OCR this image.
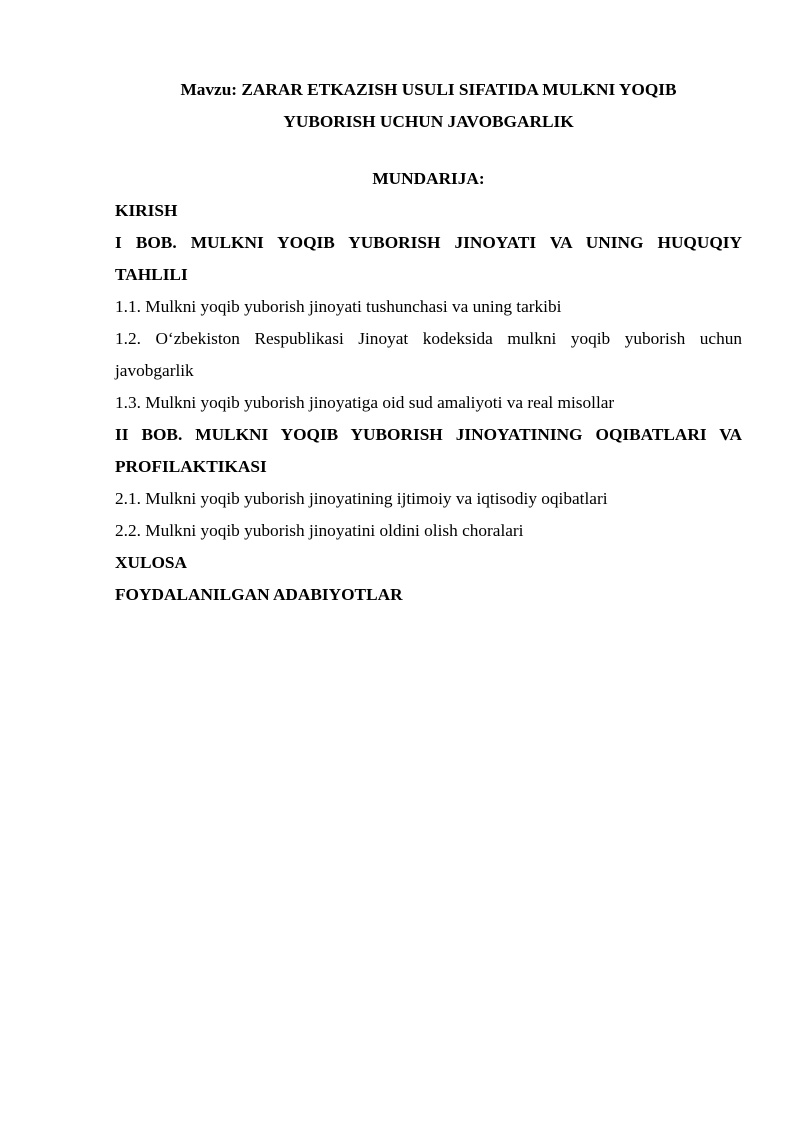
Mavzu: ZARAR ETKAZISH USULI SIFATIDA MULKNI YOQIB

YUBORISH UCHUN JAVOBGARLIK

MUNDARIJA:

KIRISH

I BOB. MULKNI YOQIB YUBORISH JINOYATI VA UNING HUQUQIY

TAHLILI

1.1. Mulkni yoqib yuborish jinoyati tushunchasi va uning tarkibi

1.2. O‘zbekiston Respublikasi Jinoyat kodeksida mulkni yoqib yuborish uchun

javobgarlik

1.3. Mulkni yoqib yuborish jinoyatiga oid sud amaliyoti va real misollar

II BOB. MULKNI YOQIB YUBORISH JINOYATINING OQIBATLARI VA

PROFILAKTIKASI

2.1. Mulkni yoqib yuborish jinoyatining ijtimoiy va iqtisodiy oqibatlari

2.2. Mulkni yoqib yuborish jinoyatini oldini olish choralari

XULOSA

FOYDALANILGAN ADABIYOTLAR
